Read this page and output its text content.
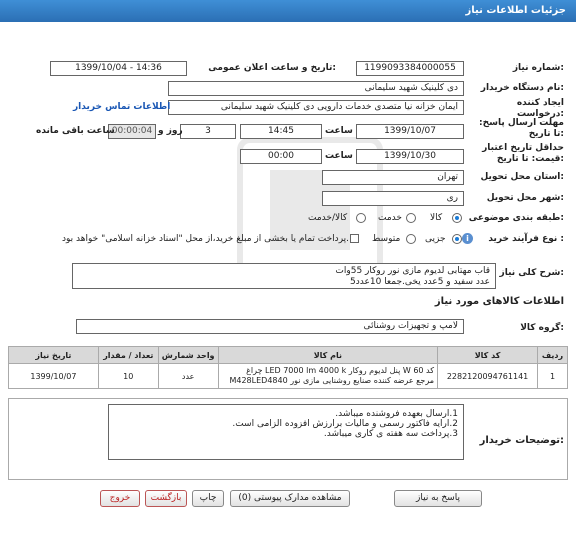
جزئیات اطلاعات نیاز
شماره نیاز:
1199093384000055
تاریخ و ساعت اعلان عمومی:
1399/10/04 - 14:36
نام دستگاه خریدار:
دی کلینیک شهید سلیمانی
ایجاد کننده درخواست:
ایمان خزانه نیا متصدی خدمات دارویی دی کلینیک شهید سلیمانی
اطلاعات تماس خریدار
مهلت ارسال پاسخ: تا تاریخ:
1399/10/07
ساعت
14:45
3
روز و
00:00:04
ساعت باقی مانده
حداقل تاریخ اعتبار قیمت: تا تاریخ:
1399/10/30
ساعت
00:00
استان محل تحویل:
تهران
شهر محل تحویل:
ری
طبقه بندی موضوعی:
کالا
خدمت
کالا/خدمت
نوع فرآیند خرید :
جزیی
متوسط
پرداخت تمام یا بخشی از مبلغ خرید،از محل "اسناد خزانه اسلامی" خواهد بود.	i
شرح کلی نیاز:
قاب مهتابی لدیوم مازی نور روکار 55وات
5عدد سفید و 5عدد یخی.جمعا 10عدد
اطلاعات کالاهای مورد نیاز
گروه کالا:
لامپ و تجهیزات روشنائی
تاریخ نیاز	تعداد / مقدار	واحد شمارش	نام کالا	کد کالا	ردیف
1399/10/07	10	عدد	چراغ LED 7000 lm 4000 k پنل لدیوم روکار W 60 کد
M428LED4840 مرجع عرضه کننده صنایع روشنایی مازی نور	2282120094761141	1
توضیحات خریدار:
1.ارسال بعهده فروشنده میباشد.
2.ارایه فاکتور رسمی و مالیات برارزش افزوده الزامی است.
3.پرداخت سه هفته ی کاری میباشد.
پاسخ به نیاز
مشاهده مدارک پیوستی (0)
چاپ
بازگشت
خروج
